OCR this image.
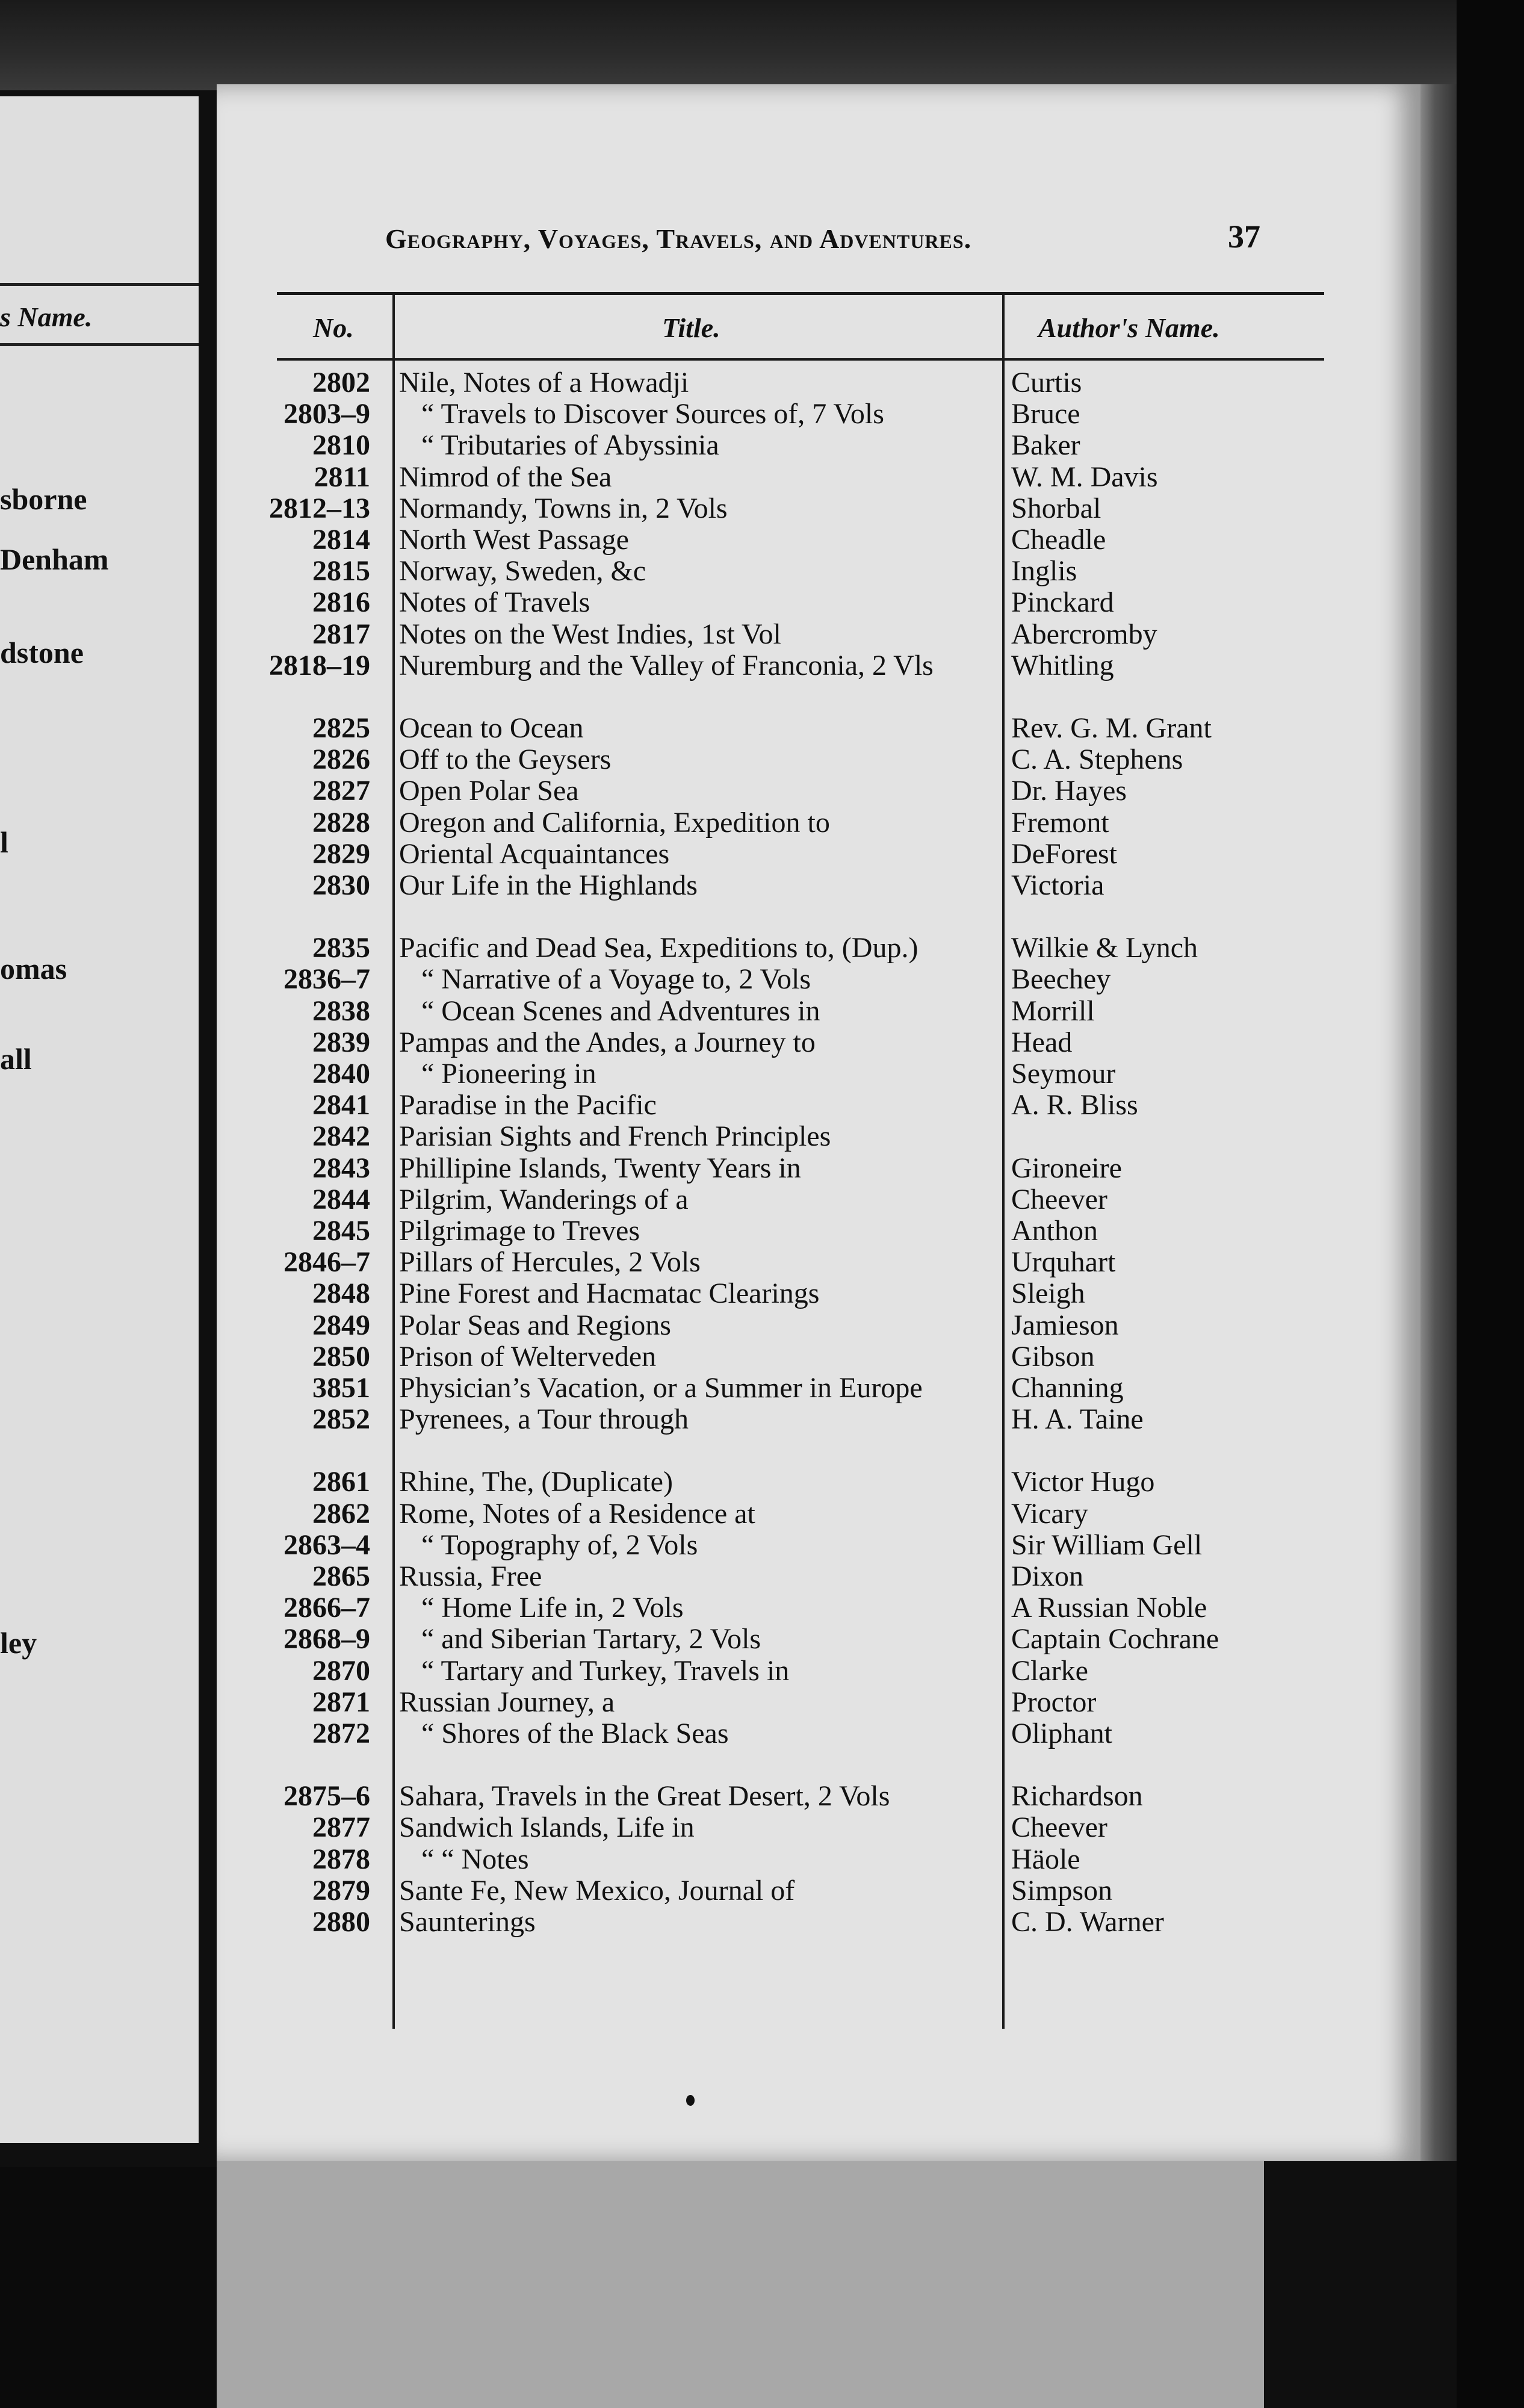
s Name.
sborne
Denham
dstone
l
omas
all
ley
Geography, Voyages, Travels, and Adventures.	37
No.	Title.	Author's Name.
2802 Nile, Notes of a Howadji	Curtis
2803–9 “ Travels to Discover Sources of, 7 Vols	Bruce
2810 “ Tributaries of Abyssinia	Baker
2811 Nimrod of the Sea	W. M. Davis
2812–13 Normandy, Towns in, 2 Vols	Shorbal
2814 North West Passage	Cheadle
2815 Norway, Sweden, &c	Inglis
2816 Notes of Travels	Pinckard
2817 Notes on the West Indies, 1st Vol	Abercromby
2818–19 Nuremburg and the Valley of Franconia, 2 Vls	Whitling
2825 Ocean to Ocean	Rev. G. M. Grant
2826 Off to the Geysers	C. A. Stephens
2827 Open Polar Sea	Dr. Hayes
2828 Oregon and California, Expedition to	Fremont
2829 Oriental Acquaintances	DeForest
2830 Our Life in the Highlands	Victoria
2835 Pacific and Dead Sea, Expeditions to, (Dup.)	Wilkie & Lynch
2836–7 “ Narrative of a Voyage to, 2 Vols	Beechey
2838 “ Ocean Scenes and Adventures in	Morrill
2839 Pampas and the Andes, a Journey to	Head
2840 “ Pioneering in	Seymour
2841 Paradise in the Pacific	A. R. Bliss
2842 Parisian Sights and French Principles
2843 Phillipine Islands, Twenty Years in	Gironeire
2844 Pilgrim, Wanderings of a	Cheever
2845 Pilgrimage to Treves	Anthon
2846–7 Pillars of Hercules, 2 Vols	Urquhart
2848 Pine Forest and Hacmatac Clearings	Sleigh
2849 Polar Seas and Regions	Jamieson
2850 Prison of Welterveden	Gibson
3851 Physician’s Vacation, or a Summer in Europe	Channing
2852 Pyrenees, a Tour through	H. A. Taine
2861 Rhine, The, (Duplicate)	Victor Hugo
2862 Rome, Notes of a Residence at	Vicary
2863–4 “ Topography of, 2 Vols	Sir William Gell
2865 Russia, Free	Dixon
2866–7 “ Home Life in, 2 Vols	A Russian Noble
2868–9 “ and Siberian Tartary, 2 Vols	Captain Cochrane
2870 “ Tartary and Turkey, Travels in	Clarke
2871 Russian Journey, a	Proctor
2872 “ Shores of the Black Seas	Oliphant
2875–6 Sahara, Travels in the Great Desert, 2 Vols	Richardson
2877 Sandwich Islands, Life in	Cheever
2878 “ “ Notes	Häole
2879 Sante Fe, New Mexico, Journal of	Simpson
2880 Saunterings	C. D. Warner
